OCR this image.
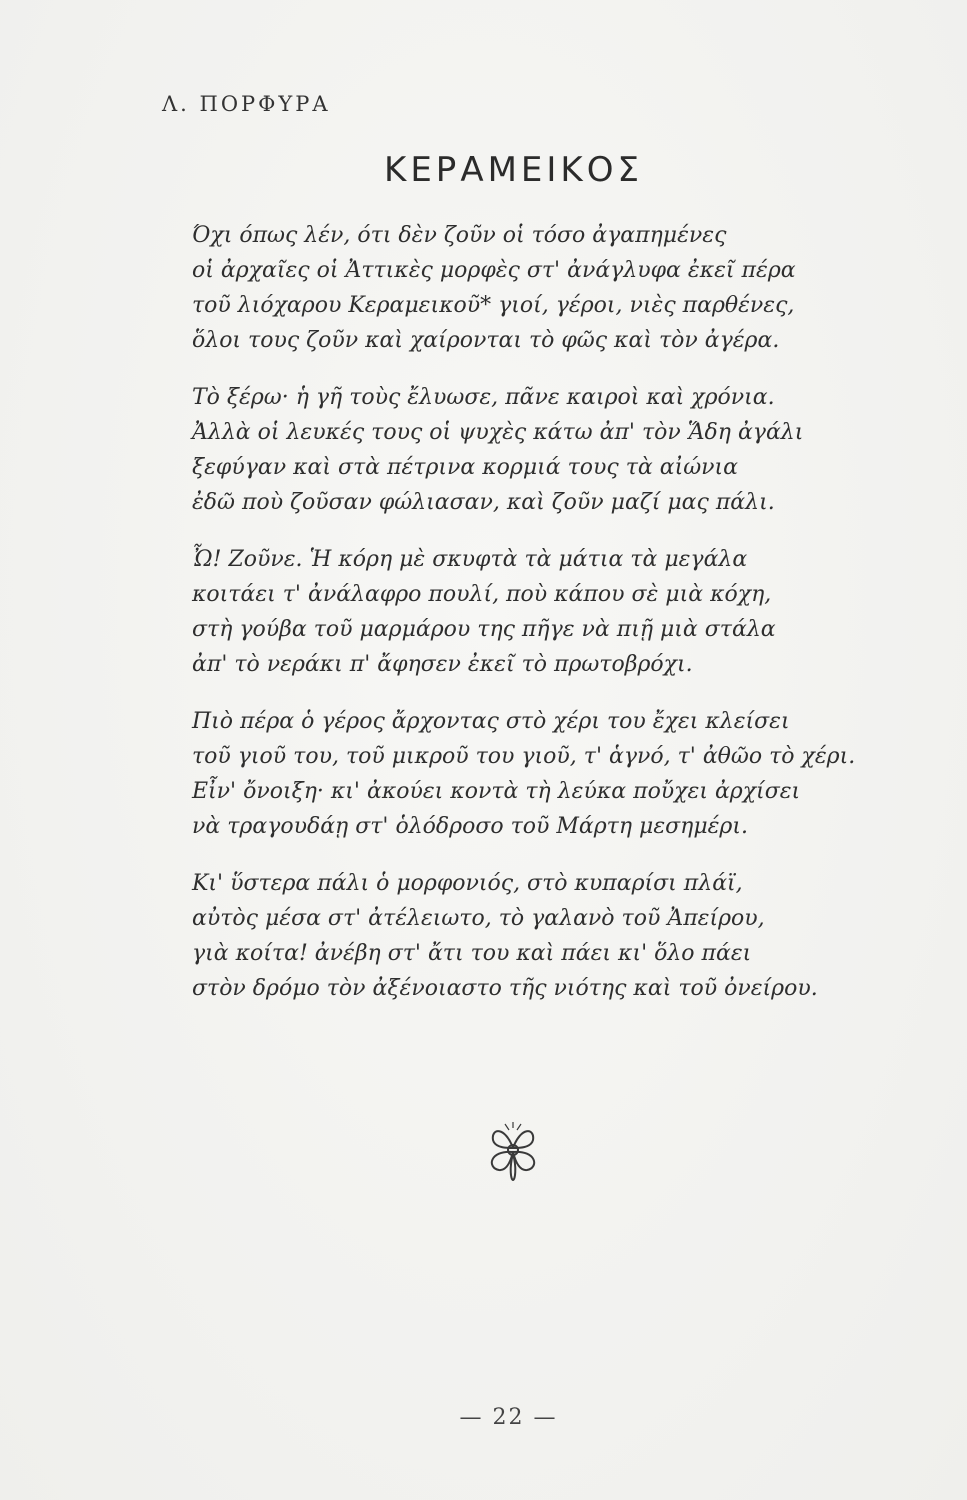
Λ. ΠΟΡΦΥΡΑ
ΚΕΡΑΜΕΙΚΟΣ
Όχι όπως λέν, ότι δὲν ζοῦν οἱ τόσο ἀγαπημένες
οἱ ἀρχαῖες οἱ Ἀττικὲς μορφὲς στ' ἀνάγλυφα ἐκεῖ πέρα
τοῦ λιόχαρου Κεραμεικοῦ* γιοί, γέροι, νιὲς παρθένες,
ὅλοι τους ζοῦν καὶ χαίρονται τὸ φῶς καὶ τὸν ἀγέρα.
Τὸ ξέρω· ἡ γῆ τοὺς ἔλυωσε, πᾶνε καιροὶ καὶ χρόνια.
Ἀλλὰ οἱ λευκές τους οἱ ψυχὲς κάτω ἀπ' τὸν Ἅδη ἀγάλι
ξεφύγαν καὶ στὰ πέτρινα κορμιά τους τὰ αἰώνια
ἐδῶ ποὺ ζοῦσαν φώλιασαν, καὶ ζοῦν μαζί μας πάλι.
Ὦ! Ζοῦνε. Ἡ κόρη μὲ σκυφτὰ τὰ μάτια τὰ μεγάλα
κοιτάει τ' ἀνάλαφρο πουλί, ποὺ κάπου σὲ μιὰ κόχη,
στὴ γούβα τοῦ μαρμάρου της πῆγε νὰ πιῇ μιὰ στάλα
ἀπ' τὸ νεράκι π' ἄφησεν ἐκεῖ τὸ πρωτοβρόχι.
Πιὸ πέρα ὁ γέρος ἄρχοντας στὸ χέρι του ἔχει κλείσει
τοῦ γιοῦ του, τοῦ μικροῦ του γιοῦ, τ' ἁγνό, τ' ἀθῶο τὸ χέρι.
Εἶν' ὄνοιξη· κι' ἀκούει κοντὰ τὴ λεύκα ποὔχει ἀρχίσει
νὰ τραγουδάῃ στ' ὁλόδροσο τοῦ Μάρτη μεσημέρι.
Κι' ὕστερα πάλι ὁ μορφονιός, στὸ κυπαρίσι πλάϊ,
αὐτὸς μέσα στ' ἀτέλειωτο, τὸ γαλανὸ τοῦ Ἀπείρου,
γιὰ κοίτα! ἀνέβη στ' ἄτι του καὶ πάει κι' ὅλο πάει
στὸν δρόμο τὸν ἀξένοιαστο τῆς νιότης καὶ τοῦ ὀνείρου.
— 22 —
